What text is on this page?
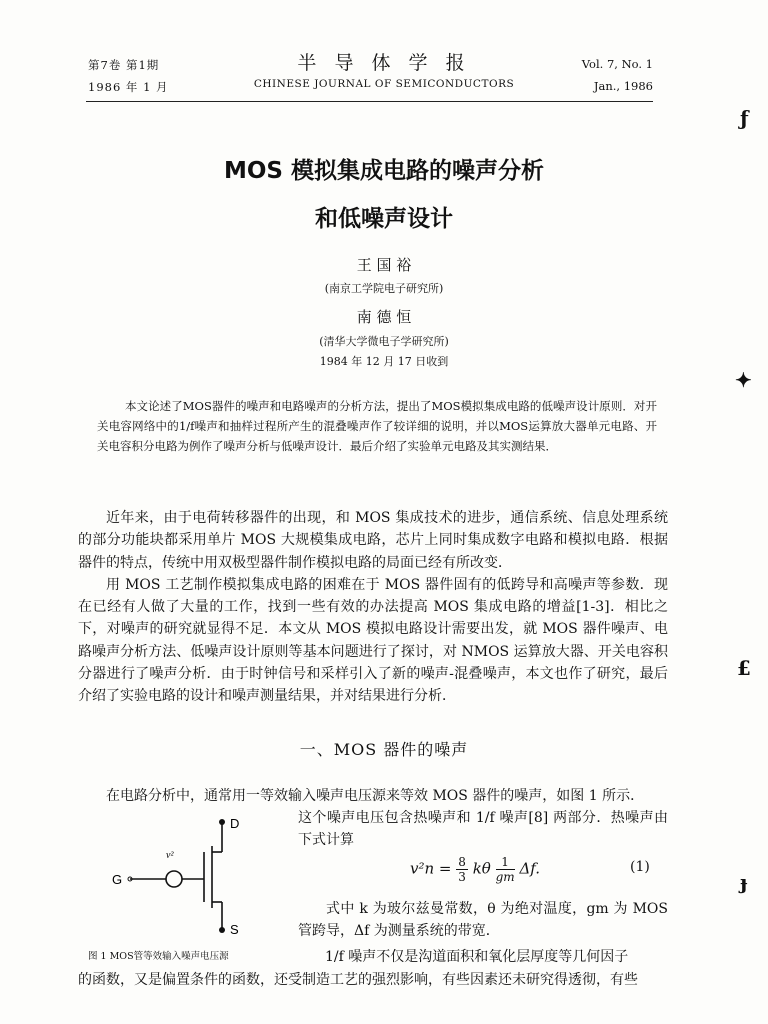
第7卷 第1期
1986 年 1 月
半 导 体 学 报
CHINESE JOURNAL OF SEMICONDUCTORS
Vol. 7, No. 1
Jan., 1986
MOS 模拟集成电路的噪声分析
和低噪声设计
王 国 裕
(南京工学院电子研究所)
南 德 恒
(清华大学微电子学研究所)
1984 年 12 月 17 日收到

本文论述了MOS器件的噪声和电路噪声的分析方法，提出了MOS模拟集成电路的低噪声设计原则．对开关电容网络中的1/f噪声和抽样过程所产生的混叠噪声作了较详细的说明，并以MOS运算放大器单元电路、开关电容积分电路为例作了噪声分析与低噪声设计．最后介绍了实验单元电路及其实测结果．

近年来，由于电荷转移器件的出现，和 MOS 集成技术的进步，通信系统、信息处理系统的部分功能块都采用单片 MOS 大规模集成电路，芯片上同时集成数字电路和模拟电路．根据器件的特点，传统中用双极型器件制作模拟电路的局面已经有所改变．

用 MOS 工艺制作模拟集成电路的困难在于 MOS 器件固有的低跨导和高噪声等参数．现在已经有人做了大量的工作，找到一些有效的办法提高 MOS 集成电路的增益[1-3]．相比之下，对噪声的研究就显得不足．本文从 MOS 模拟电路设计需要出发，就 MOS 器件噪声、电路噪声分析方法、低噪声设计原则等基本问题进行了探讨，对 NMOS 运算放大器、开关电容积分器进行了噪声分析．由于时钟信号和采样引入了新的噪声-混叠噪声，本文也作了研究，最后介绍了实验电路的设计和噪声测量结果，并对结果进行分析．

一、MOS 器件的噪声

在电路分析中，通常用一等效输入噪声电压源来等效 MOS 器件的噪声，如图 1 所示．

这个噪声电压包含热噪声和 1/f 噪声[8] 两部分．热噪声由下式计算

$v^2n = \frac{8}{3}$ kθ $\frac{1}{gm} \Delta f$.	(1)

式中 k 为玻尔兹曼常数，θ 为绝对温度，gm 为 MOS 管跨导，Δf 为测量系统的带宽．

D
G
S
v²
图 1 MOS管等效输入噪声电压源	1/f 噪声不仅是沟道面积和氧化层厚度等几何因子
的函数，又是偏置条件的函数，还受制造工艺的强烈影响，有些因素还未研究得透彻，有些
ƒ
✦
£
ɟ
